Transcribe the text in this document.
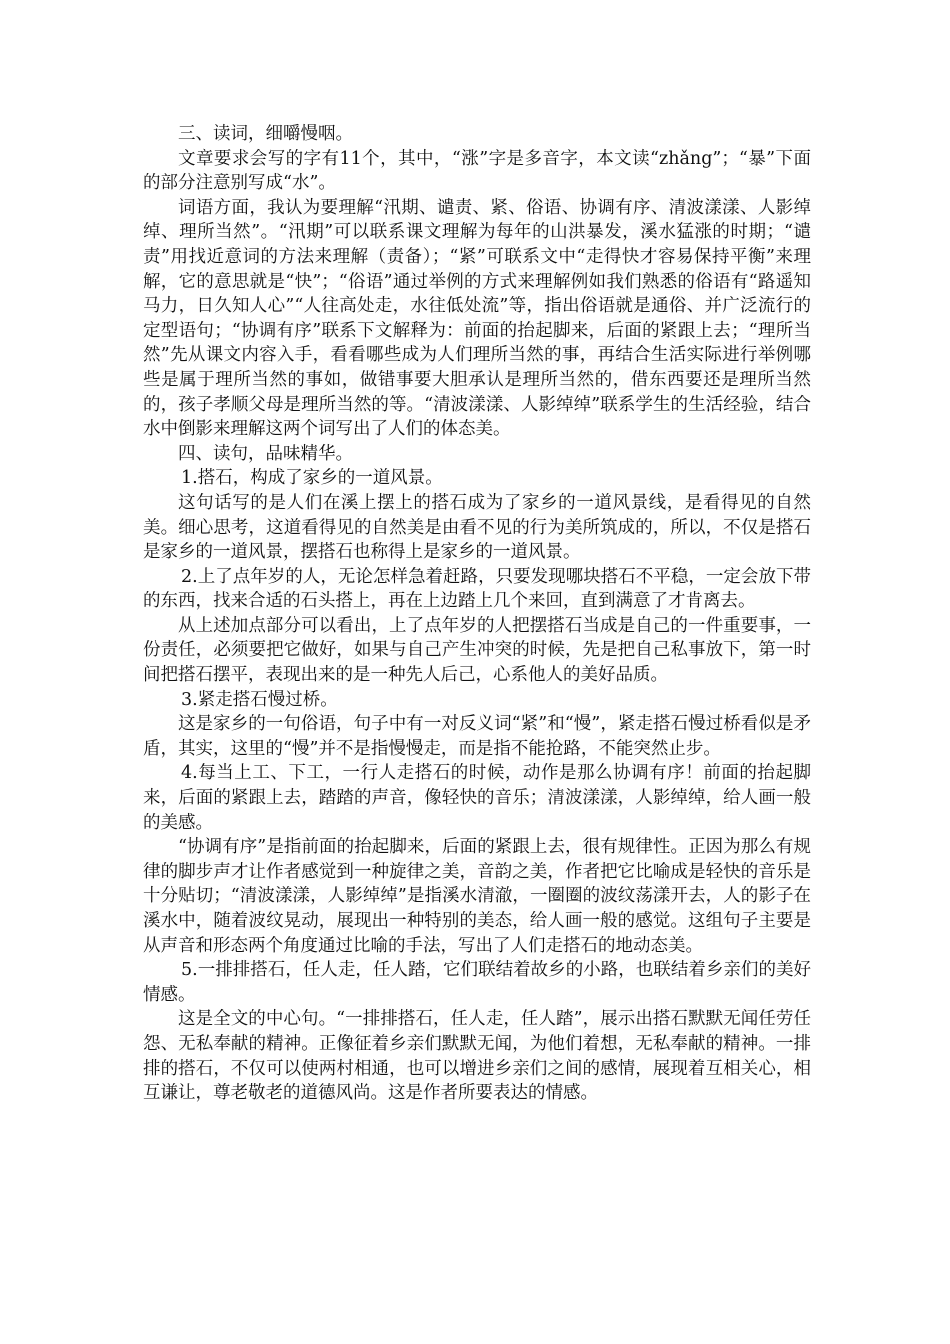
三、读词，细嚼慢咽。

文章要求会写的字有11个，其中，“涨”字是多音字，本文读“zhǎng”；“暴”下面的部分注意别写成“水”。

词语方面，我认为要理解“汛期、谴责、紧、俗语、协调有序、清波漾漾、人影绰绰、理所当然”。“汛期”可以联系课文理解为每年的山洪暴发，溪水猛涨的时期；“谴责”用找近意词的方法来理解（责备）；“紧”可联系文中“走得快才容易保持平衡”来理解，它的意思就是“快”；“俗语”通过举例的方式来理解例如我们熟悉的俗语有“路遥知马力，日久知人心”“人往高处走，水往低处流”等，指出俗语就是通俗、并广泛流行的定型语句；“协调有序”联系下文解释为：前面的抬起脚来，后面的紧跟上去；“理所当然”先从课文内容入手，看看哪些成为人们理所当然的事，再结合生活实际进行举例哪些是属于理所当然的事如，做错事要大胆承认是理所当然的，借东西要还是理所当然的，孩子孝顺父母是理所当然的等。“清波漾漾、人影绰绰”联系学生的生活经验，结合水中倒影来理解这两个词写出了人们的体态美。

四、读句，品味精华。

1.搭石，构成了家乡的一道风景。

这句话写的是人们在溪上摆上的搭石成为了家乡的一道风景线，是看得见的自然美。细心思考，这道看得见的自然美是由看不见的行为美所筑成的，所以，不仅是搭石是家乡的一道风景，摆搭石也称得上是家乡的一道风景。

2.上了点年岁的人，无论怎样急着赶路，只要发现哪块搭石不平稳，一定会放下带的东西，找来合适的石头搭上，再在上边踏上几个来回，直到满意了才肯离去。

从上述加点部分可以看出，上了点年岁的人把摆搭石当成是自己的一件重要事，一份责任，必须要把它做好，如果与自己产生冲突的时候，先是把自己私事放下，第一时间把搭石摆平，表现出来的是一种先人后己，心系他人的美好品质。

3.紧走搭石慢过桥。

这是家乡的一句俗语，句子中有一对反义词“紧”和“慢”，紧走搭石慢过桥看似是矛盾，其实，这里的“慢”并不是指慢慢走，而是指不能抢路，不能突然止步。

4.每当上工、下工，一行人走搭石的时候，动作是那么协调有序！前面的抬起脚来，后面的紧跟上去，踏踏的声音，像轻快的音乐；清波漾漾，人影绰绰，给人画一般的美感。

“协调有序”是指前面的抬起脚来，后面的紧跟上去，很有规律性。正因为那么有规律的脚步声才让作者感觉到一种旋律之美，音韵之美，作者把它比喻成是轻快的音乐是十分贴切；“清波漾漾，人影绰绰”是指溪水清澈，一圈圈的波纹荡漾开去，人的影子在溪水中，随着波纹晃动，展现出一种特别的美态，给人画一般的感觉。这组句子主要是从声音和形态两个角度通过比喻的手法，写出了人们走搭石的地动态美。

5.一排排搭石，任人走，任人踏，它们联结着故乡的小路，也联结着乡亲们的美好情感。

这是全文的中心句。“一排排搭石，任人走，任人踏”，展示出搭石默默无闻任劳任怨、无私奉献的精神。正像征着乡亲们默默无闻，为他们着想，无私奉献的精神。一排排的搭石，不仅可以使两村相通，也可以增进乡亲们之间的感情，展现着互相关心，相互谦让，尊老敬老的道德风尚。这是作者所要表达的情感。
